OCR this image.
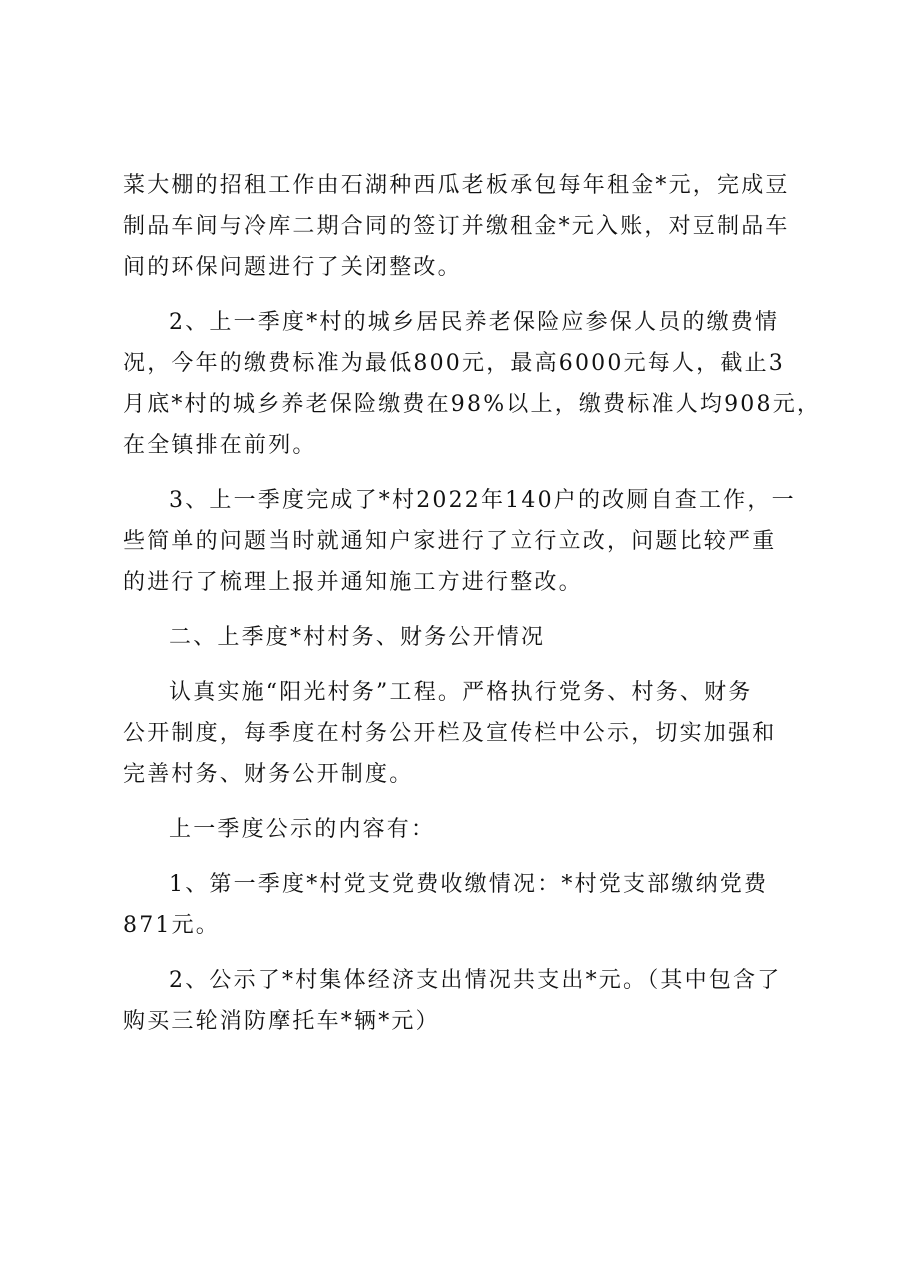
菜大棚的招租工作由石湖种西瓜老板承包每年租金*元，完成豆
制品车间与冷库二期合同的签订并缴租金*元入账，对豆制品车
间的环保问题进行了关闭整改。
2、上一季度*村的城乡居民养老保险应参保人员的缴费情
况，今年的缴费标准为最低800元，最高6000元每人，截止3
月底*村的城乡养老保险缴费在98%以上，缴费标准人均908元，
在全镇排在前列。
3、上一季度完成了*村2022年140户的改厕自查工作，一
些简单的问题当时就通知户家进行了立行立改，问题比较严重
的进行了梳理上报并通知施工方进行整改。
二、上季度*村村务、财务公开情况
认真实施“阳光村务”工程。严格执行党务、村务、财务
公开制度，每季度在村务公开栏及宣传栏中公示，切实加强和
完善村务、财务公开制度。
上一季度公示的内容有：
1、第一季度*村党支党费收缴情况：*村党支部缴纳党费
871元。
2、公示了*村集体经济支出情况共支出*元。（其中包含了
购买三轮消防摩托车*辆*元）
